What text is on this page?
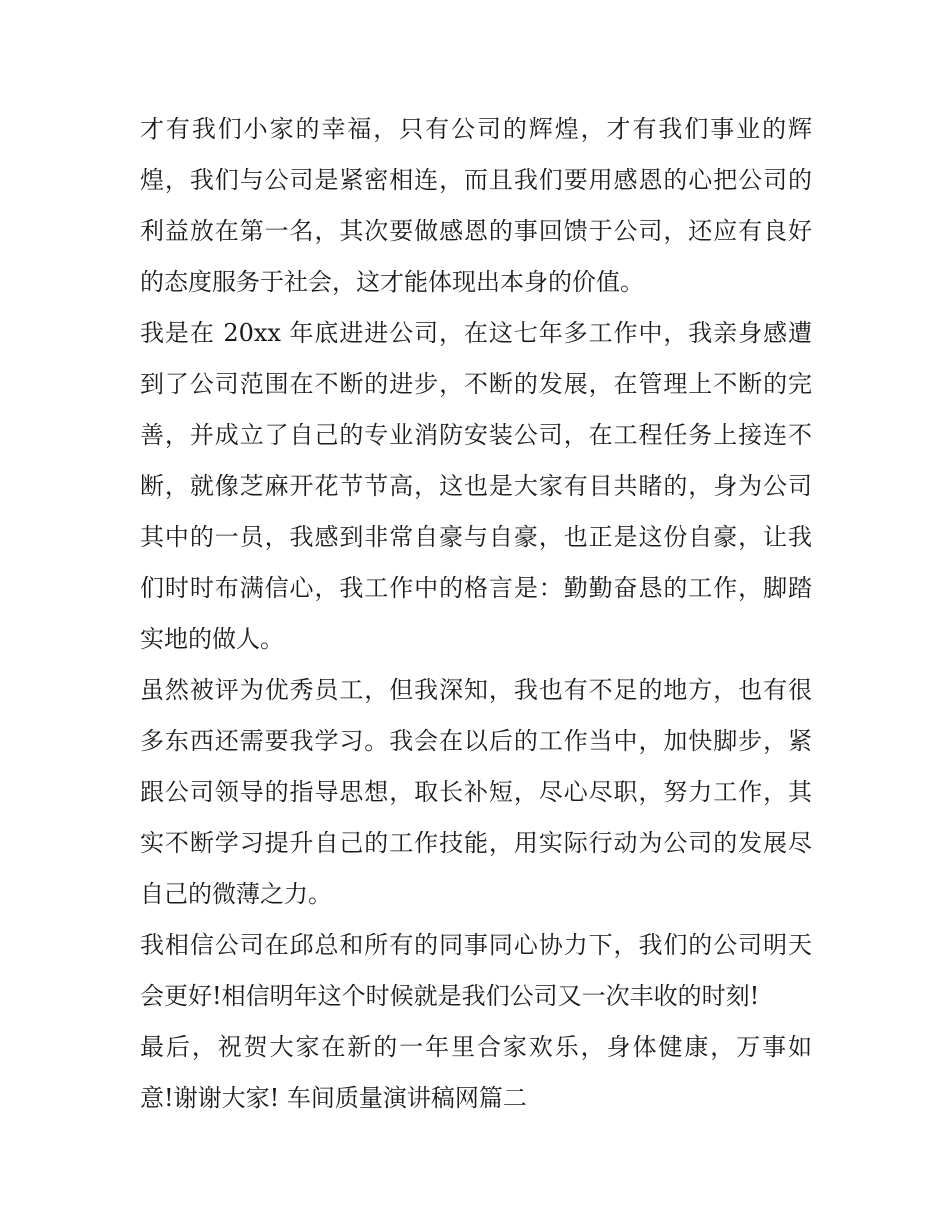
才有我们小家的幸福，只有公司的辉煌，才有我们事业的辉
煌，我们与公司是紧密相连，而且我们要用感恩的心把公司的
利益放在第一名，其次要做感恩的事回馈于公司，还应有良好
的态度服务于社会，这才能体现出本身的价值。
我是在 20xx 年底进进公司，在这七年多工作中，我亲身感遭
到了公司范围在不断的进步，不断的发展，在管理上不断的完
善，并成立了自己的专业消防安装公司，在工程任务上接连不
断，就像芝麻开花节节高，这也是大家有目共睹的，身为公司
其中的一员，我感到非常自豪与自豪，也正是这份自豪，让我
们时时布满信心，我工作中的格言是：勤勤奋恳的工作，脚踏
实地的做人。
虽然被评为优秀员工，但我深知，我也有不足的地方，也有很
多东西还需要我学习。我会在以后的工作当中，加快脚步，紧
跟公司领导的指导思想，取长补短，尽心尽职，努力工作，其
实不断学习提升自己的工作技能，用实际行动为公司的发展尽
自己的微薄之力。
我相信公司在邱总和所有的同事同心协力下，我们的公司明天
会更好!相信明年这个时候就是我们公司又一次丰收的时刻!
最后，祝贺大家在新的一年里合家欢乐，身体健康，万事如
意!谢谢大家! 车间质量演讲稿网篇二
